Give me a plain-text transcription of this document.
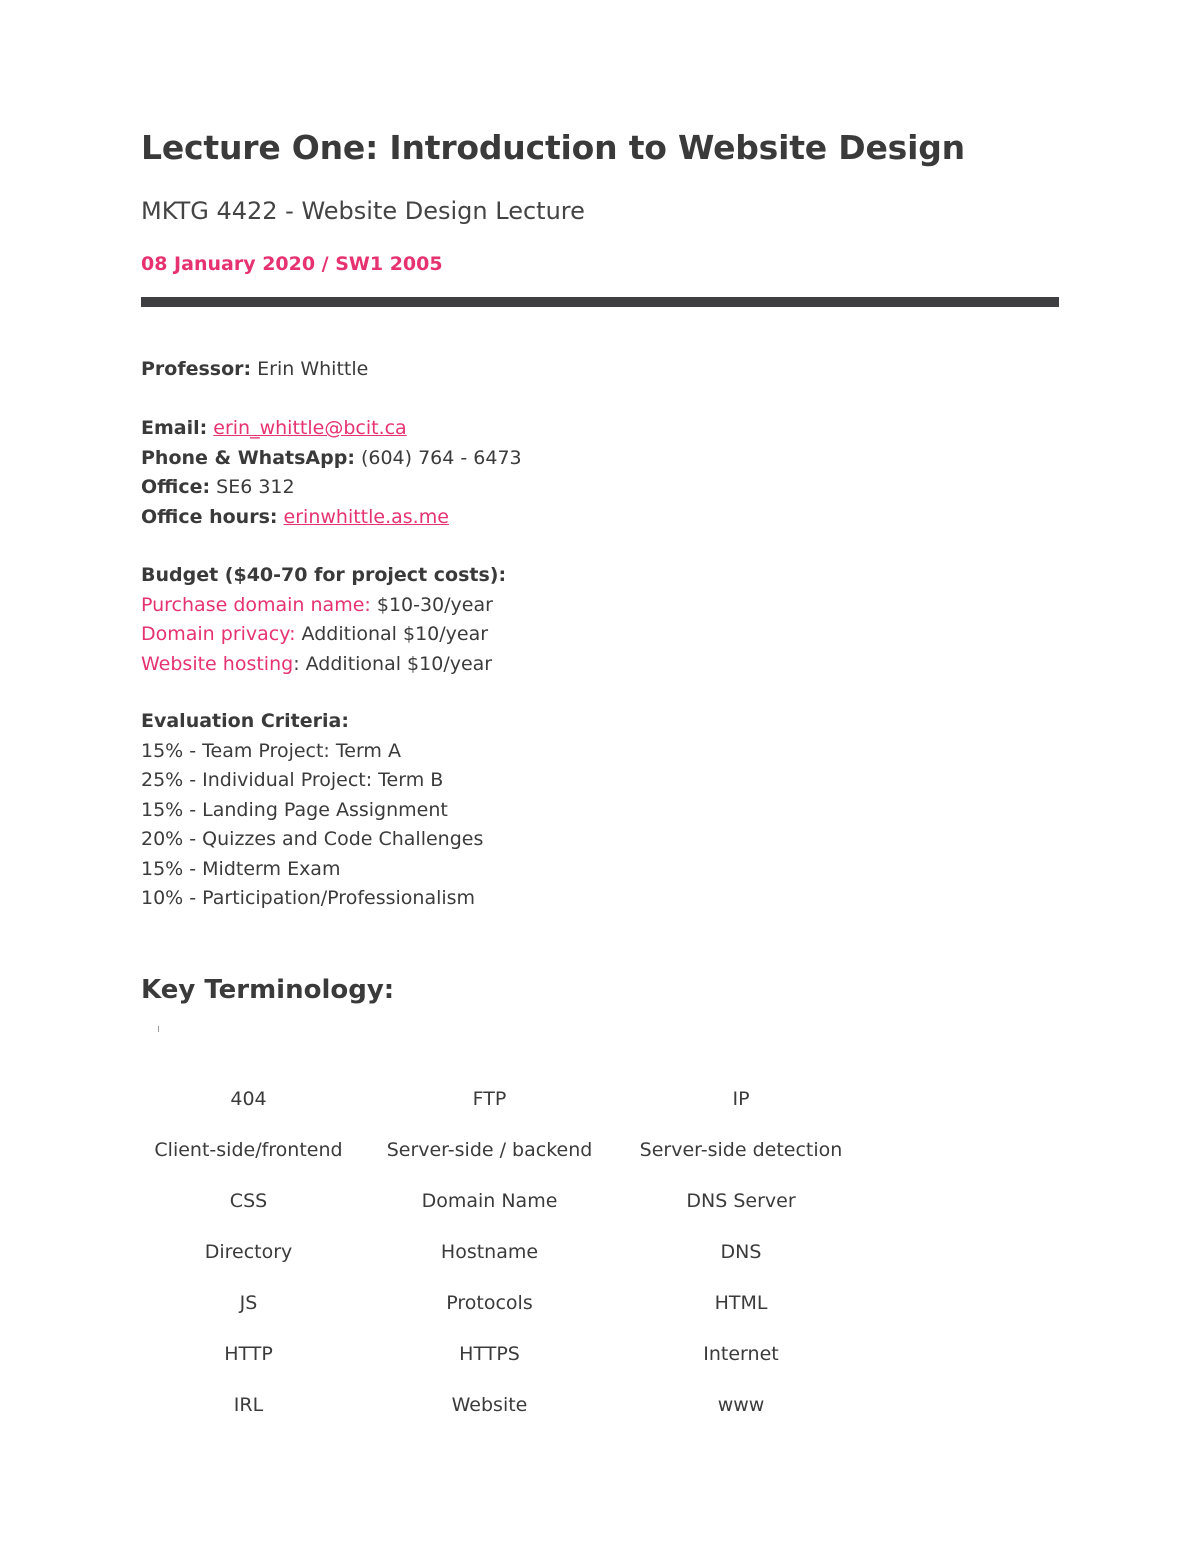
Lecture One: Introduction to Website Design
MKTG 4422 - Website Design Lecture
08 January 2020 / SW1 2005
Professor: Erin Whittle
Email: erin_whittle@bcit.ca
Phone & WhatsApp: (604) 764 - 6473
Office: SE6 312
Office hours: erinwhittle.as.me
Budget ($40-70 for project costs):
Purchase domain name: $10-30/year
Domain privacy: Additional $10/year
Website hosting: Additional $10/year
Evaluation Criteria:
15% - Team Project: Term A
25% - Individual Project: Term B
15% - Landing Page Assignment
20% - Quizzes and Code Challenges
15% - Midterm Exam
10% - Participation/Professionalism
Key Terminology:
404	FTP	IP
Client-side/frontend	Server-side / backend	Server-side detection
CSS	Domain Name	DNS Server
Directory	Hostname	DNS
JS	Protocols	HTML
HTTP	HTTPS	Internet
IRL	Website	www
